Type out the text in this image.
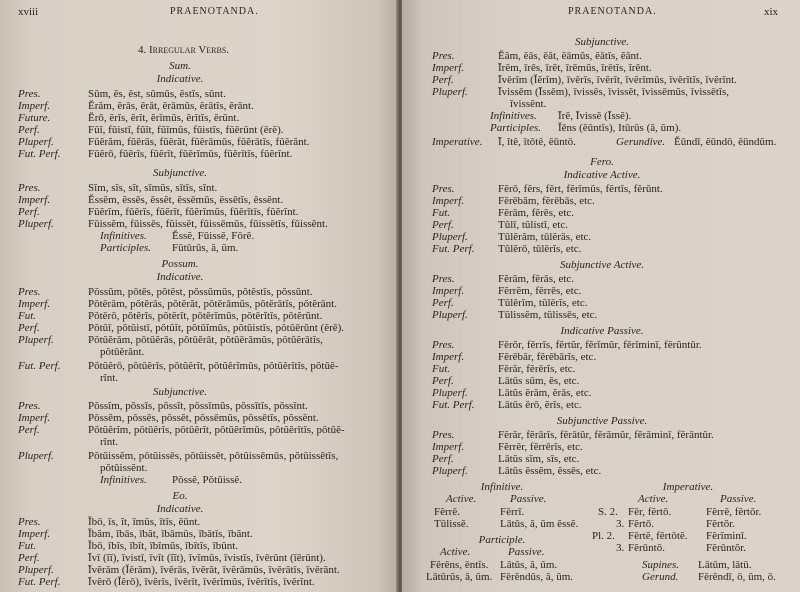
xviii	PRAENOTANDA.
4. Irregular Verbs.
Sum.
Indicative.
Pres.	Sŭm, ĕs, ĕst, sŭmŭs, ĕstĭs, sŭnt.
Imperf.	Ĕrăm, ĕrās, ĕrăt, ĕrāmŭs, ĕrātĭs, ĕrănt.
Future.	Ĕrō, ĕrĭs, ĕrĭt, ĕrĭmŭs, ĕrĭtĭs, ĕrŭnt.
Perf.	Fŭī, fŭistī, fŭĭt, fŭĭmŭs, fŭistĭs, fŭērŭnt (ērĕ).
Pluperf.	Fŭĕrăm, fŭĕrās, fŭĕrăt, fŭĕrāmŭs, fŭĕrātĭs, fŭĕrănt.
Fut. Perf.	Fŭĕrō, fŭĕrĭs, fŭĕrĭt, fŭĕrĭmŭs, fŭĕrĭtĭs, fŭĕrĭnt.
Subjunctive.
Pres.	Sĭm, sīs, sĭt, sīmŭs, sītĭs, sĭnt.
Imperf.	Ĕssĕm, ĕssēs, ĕssĕt, ĕssēmŭs, ĕssētĭs, ĕssĕnt.
Perf.	Fŭĕrĭm, fŭĕrĭs, fŭĕrĭt, fŭĕrĭmŭs, fŭĕrĭtĭs, fŭĕrĭnt.
Pluperf.	Fŭissĕm, fŭissēs, fŭissĕt, fŭissēmŭs, fŭissētĭs, fŭissĕnt.
Infinitives. Ĕssĕ, Fŭissĕ, Fŏrĕ.
Participles. Fŭtūrŭs, ă, ŭm.
Possum.
Indicative.
Pres.	Pŏssŭm, pŏtĕs, pŏtĕst, pŏssŭmŭs, pŏtĕstĭs, pŏssŭnt.
Imperf.	Pŏtĕrăm, pŏtĕrās, pŏtĕrăt, pŏtĕrāmŭs, pŏtĕrātĭs, pŏtĕrănt.
Fut.	Pŏtĕrō, pŏtĕrĭs, pŏtĕrĭt, pŏtĕrĭmŭs, pŏtĕrĭtĭs, pŏtĕrŭnt.
Perf.	Pŏtŭī, pŏtŭistī, pŏtŭĭt, pŏtŭĭmŭs, pŏtŭistĭs, pŏtŭērŭnt (ērĕ).
Pluperf.	Pŏtŭĕrăm, pŏtŭĕrās, pŏtŭĕrăt, pŏtŭĕrāmŭs, pŏtŭĕrātĭs,
pŏtŭĕrănt.
Fut. Perf.	Pŏtŭĕrō, pŏtŭĕrĭs, pŏtŭĕrĭt, pŏtŭĕrĭmŭs, pŏtŭĕrĭtĭs, pŏtŭĕ-
rĭnt.
Subjunctive.
Pres.	Pŏssĭm, pŏssīs, pŏssĭt, pŏssīmŭs, pŏssītĭs, pŏssĭnt.
Imperf.	Pŏssĕm, pŏssēs, pŏssĕt, pŏssēmŭs, pŏssētĭs, pŏssĕnt.
Perf.	Pŏtŭĕrĭm, pŏtŭĕrĭs, pŏtŭĕrĭt, pŏtŭĕrĭmŭs, pŏtŭĕrĭtĭs, pŏtŭĕ-
rĭnt.
Pluperf.	Pŏtŭissĕm, pŏtŭissēs, pŏtŭissĕt, pŏtŭissēmŭs, pŏtŭissētĭs,
pŏtŭissĕnt.
Infinitives. Pŏssĕ, Pŏtŭissĕ.
Eo.
Indicative.
Pres.	Ĭbō, īs, ĭt, īmŭs, ītĭs, ĕūnt.
Imperf.	Ĭbăm, ībās, ībăt, ībāmŭs, ībātĭs, ībănt.
Fut.	Ĭbō, ībĭs, ībĭt, ībĭmŭs, ībĭtĭs, ībŭnt.
Perf.	Īvī (ĭī), īvistī, īvĭt (ĭĭt), īvĭmŭs, īvistĭs, īvērŭnt (īērŭnt).
Pluperf.	Īvĕrăm (Ĭĕrăm), īvĕrās, īvĕrăt, īvĕrāmŭs, īvĕrātĭs, īvĕrănt.
Fut. Perf.	Īvĕrō (Ĭĕrō), īvĕrĭs, īvĕrĭt, īvĕrĭmŭs, īvĕrĭtĭs, īvĕrĭnt.
PRAENOTANDA.	xix
Subjunctive.
Pres.	Ĕăm, ĕās, ĕăt, ĕāmŭs, ĕātĭs, ĕānt.
Imperf.	Īrĕm, īrēs, īrĕt, īrēmŭs, īrētĭs, īrĕnt.
Perf.	Īvĕrĭm (Ĭĕrĭm), īvĕrĭs, īvĕrĭt, īvĕrĭmŭs, īvĕrĭtĭs, īvĕrĭnt.
Pluperf.	Īvissĕm (Īssĕm), īvissēs, īvissĕt, īvissēmŭs, īvissētĭs,
īvissĕnt.
Infinitives. Īrĕ, Īvissĕ (Īssĕ).
Participles. Ĭēns (ĕūntĭs), Itūrŭs (ă, ŭm).
Imperative. Ī, ītĕ, ītōtĕ, ĕūntō.	Gerundive. Ĕūndī, ĕūndō, ĕūndŭm.
Fero.
Indicative Active.
Pres.	Fĕrō, fĕrs, fĕrt, fĕrĭmŭs, fĕrtĭs, fĕrŭnt.
Imperf.	Fĕrēbăm, fĕrēbās, etc.
Fut.	Fĕrăm, fĕrēs, etc.
Perf.	Tŭlī, tŭlistī, etc.
Pluperf.	Tŭlĕrăm, tŭlĕrās, etc.
Fut. Perf. Tŭlĕrō, tŭlĕrĭs, etc.
Subjunctive Active.
Pres.	Fĕrăm, fĕrās, etc.
Imperf.	Fĕrrĕm, fĕrrēs, etc.
Perf.	Tŭlĕrĭm, tŭlĕrĭs, etc.
Pluperf.	Tŭlissĕm, tŭlissēs, etc.
Indicative Passive.
Pres.	Fĕrŏr, fĕrrĭs, fĕrtŭr, fĕrĭmŭr, fĕrĭminī, fĕrŭntŭr.
Imperf.	Fĕrēbăr, fĕrēbārĭs, etc.
Fut.	Fĕrăr, fĕrērĭs, etc.
Perf.	Lātŭs sŭm, ĕs, etc.
Pluperf.	Lātŭs ĕrăm, ĕrās, etc.
Fut. Perf. Lātŭs ĕrō, ĕrĭs, etc.
Subjunctive Passive.
Pres.	Fĕrăr, fĕrārĭs, fĕrātŭr, fĕrāmŭr, fĕrāminī, fĕrāntŭr.
Imperf.	Fĕrrĕr, fĕrrērĭs, etc.
Perf.	Lātŭs sĭm, sīs, etc.
Pluperf.	Lātŭs ĕssĕm, ĕssēs, etc.
Infinitive.
Active.	Passive.
Fĕrrĕ.	Fĕrrī.
Tŭlissĕ.	Lātŭs, ă, ŭm ĕssĕ.
Imperative.
Active.	Passive.
S. 2. Fĕr, fĕrtō.	Fĕrrĕ, fĕrtŏr.
3. Fĕrtō.	Fĕrtŏr.
Pl. 2. Fĕrtĕ, fĕrtōtĕ. Fĕrĭminī.
3. Fĕrūntō.	Fĕrūntŏr.
Participle.
Active.	Passive.
Fĕrēns, ēntĭs. Lātŭs, ă, ŭm.
Lātūrŭs, ă, ŭm. Fĕrĕndŭs, ă, ŭm.
Supines. Lātŭm, lātū.
Gerund. Fĕrĕndī, ō, ŭm, ō.
